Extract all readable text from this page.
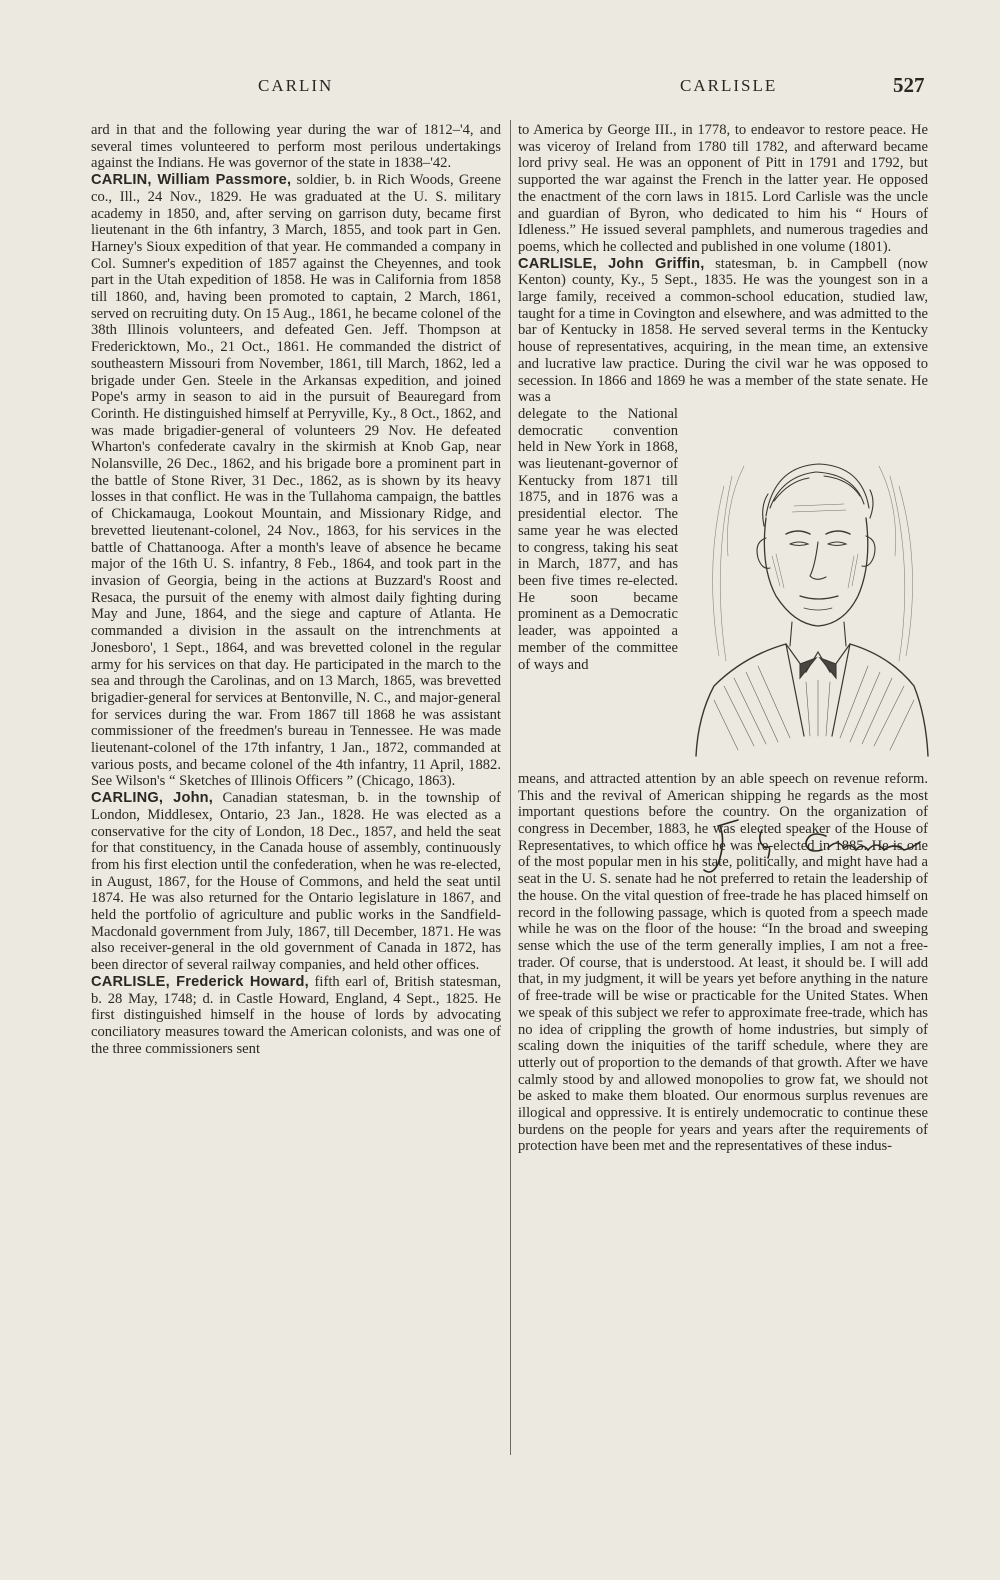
CARLIN	CARLISLE	527

ard in that and the following year during the war of 1812–'4, and several times volunteered to perform most perilous undertakings against the Indians. He was governor of the state in 1838–'42.

CARLIN, William Passmore, soldier, b. in Rich Woods, Greene co., Ill., 24 Nov., 1829. He was graduated at the U. S. military academy in 1850, and, after serving on garrison duty, became first lieutenant in the 6th infantry, 3 March, 1855, and took part in Gen. Harney's Sioux expedition of that year. He commanded a company in Col. Sumner's expedition of 1857 against the Cheyennes, and took part in the Utah expedition of 1858. He was in California from 1858 till 1860, and, having been promoted to captain, 2 March, 1861, served on recruiting duty. On 15 Aug., 1861, he became colonel of the 38th Illinois volunteers, and defeated Gen. Jeff. Thompson at Fredericktown, Mo., 21 Oct., 1861. He commanded the district of southeastern Missouri from November, 1861, till March, 1862, led a brigade under Gen. Steele in the Arkansas expedition, and joined Pope's army in season to aid in the pursuit of Beauregard from Corinth. He distinguished himself at Perryville, Ky., 8 Oct., 1862, and was made brigadier-general of volunteers 29 Nov. He defeated Wharton's confederate cavalry in the skirmish at Knob Gap, near Nolansville, 26 Dec., 1862, and his brigade bore a prominent part in the battle of Stone River, 31 Dec., 1862, as is shown by its heavy losses in that conflict. He was in the Tullahoma campaign, the battles of Chickamauga, Lookout Mountain, and Missionary Ridge, and brevetted lieutenant-colonel, 24 Nov., 1863, for his services in the battle of Chattanooga. After a month's leave of absence he became major of the 16th U. S. infantry, 8 Feb., 1864, and took part in the invasion of Georgia, being in the actions at Buzzard's Roost and Resaca, the pursuit of the enemy with almost daily fighting during May and June, 1864, and the siege and capture of Atlanta. He commanded a division in the assault on the intrenchments at Jonesboro', 1 Sept., 1864, and was brevetted colonel in the regular army for his services on that day. He participated in the march to the sea and through the Carolinas, and on 13 March, 1865, was brevetted brigadier-general for services at Bentonville, N. C., and major-general for services during the war. From 1867 till 1868 he was assistant commissioner of the freedmen's bureau in Tennessee. He was made lieutenant-colonel of the 17th infantry, 1 Jan., 1872, commanded at various posts, and became colonel of the 4th infantry, 11 April, 1882. See Wilson's “ Sketches of Illinois Officers ” (Chicago, 1863).

CARLING, John, Canadian statesman, b. in the township of London, Middlesex, Ontario, 23 Jan., 1828. He was elected as a conservative for the city of London, 18 Dec., 1857, and held the seat for that constituency, in the Canada house of assembly, continuously from his first election until the confederation, when he was re-elected, in August, 1867, for the House of Commons, and held the seat until 1874. He was also returned for the Ontario legislature in 1867, and held the portfolio of agriculture and public works in the Sandfield-Macdonald government from July, 1867, till December, 1871. He was also receiver-general in the old government of Canada in 1872, has been director of several railway companies, and held other offices.

CARLISLE, Frederick Howard, fifth earl of, British statesman, b. 28 May, 1748; d. in Castle Howard, England, 4 Sept., 1825. He first distinguished himself in the house of lords by advocating conciliatory measures toward the American colonists, and was one of the three commissioners sent

to America by George III., in 1778, to endeavor to restore peace. He was viceroy of Ireland from 1780 till 1782, and afterward became lord privy seal. He was an opponent of Pitt in 1791 and 1792, but supported the war against the French in the latter year. He opposed the enactment of the corn laws in 1815. Lord Carlisle was the uncle and guardian of Byron, who dedicated to him his “ Hours of Idleness.” He issued several pamphlets, and numerous tragedies and poems, which he collected and published in one volume (1801).

CARLISLE, John Griffin, statesman, b. in Campbell (now Kenton) county, Ky., 5 Sept., 1835. He was the youngest son in a large family, received a common-school education, studied law, taught for a time in Covington and elsewhere, and was admitted to the bar of Kentucky in 1858. He served several terms in the Kentucky house of representatives, acquiring, in the mean time, an extensive and lucrative law practice. During the civil war he was opposed to secession. In 1866 and 1869 he was a member of the state senate. He was a

delegate to the National democratic convention held in New York in 1868, was lieutenant-governor of Kentucky from 1871 till 1875, and in 1876 was a presidential elector. The same year he was elected to congress, taking his seat in March, 1877, and has been five times re-elected. He soon became prominent as a Democratic leader, was appointed a member of the committee of ways and

means, and attracted attention by an able speech on revenue reform. This and the revival of American shipping he regards as the most important questions before the country. On the organization of congress in December, 1883, he was elected speaker of the House of Representatives, to which office he was re-elected in 1885. He is one of the most popular men in his state, politically, and might have had a seat in the U. S. senate had he not preferred to retain the leadership of the house. On the vital question of free-trade he has placed himself on record in the following passage, which is quoted from a speech made while he was on the floor of the house: “In the broad and sweeping sense which the use of the term generally implies, I am not a free-trader. Of course, that is understood. At least, it should be. I will add that, in my judgment, it will be years yet before anything in the nature of free-trade will be wise or practicable for the United States. When we speak of this subject we refer to approximate free-trade, which has no idea of crippling the growth of home industries, but simply of scaling down the iniquities of the tariff schedule, where they are utterly out of proportion to the demands of that growth. After we have calmly stood by and allowed monopolies to grow fat, we should not be asked to make them bloated. Our enormous surplus revenues are illogical and oppressive. It is entirely undemocratic to continue these burdens on the people for years and years after the requirements of protection have been met and the representatives of these indus-
